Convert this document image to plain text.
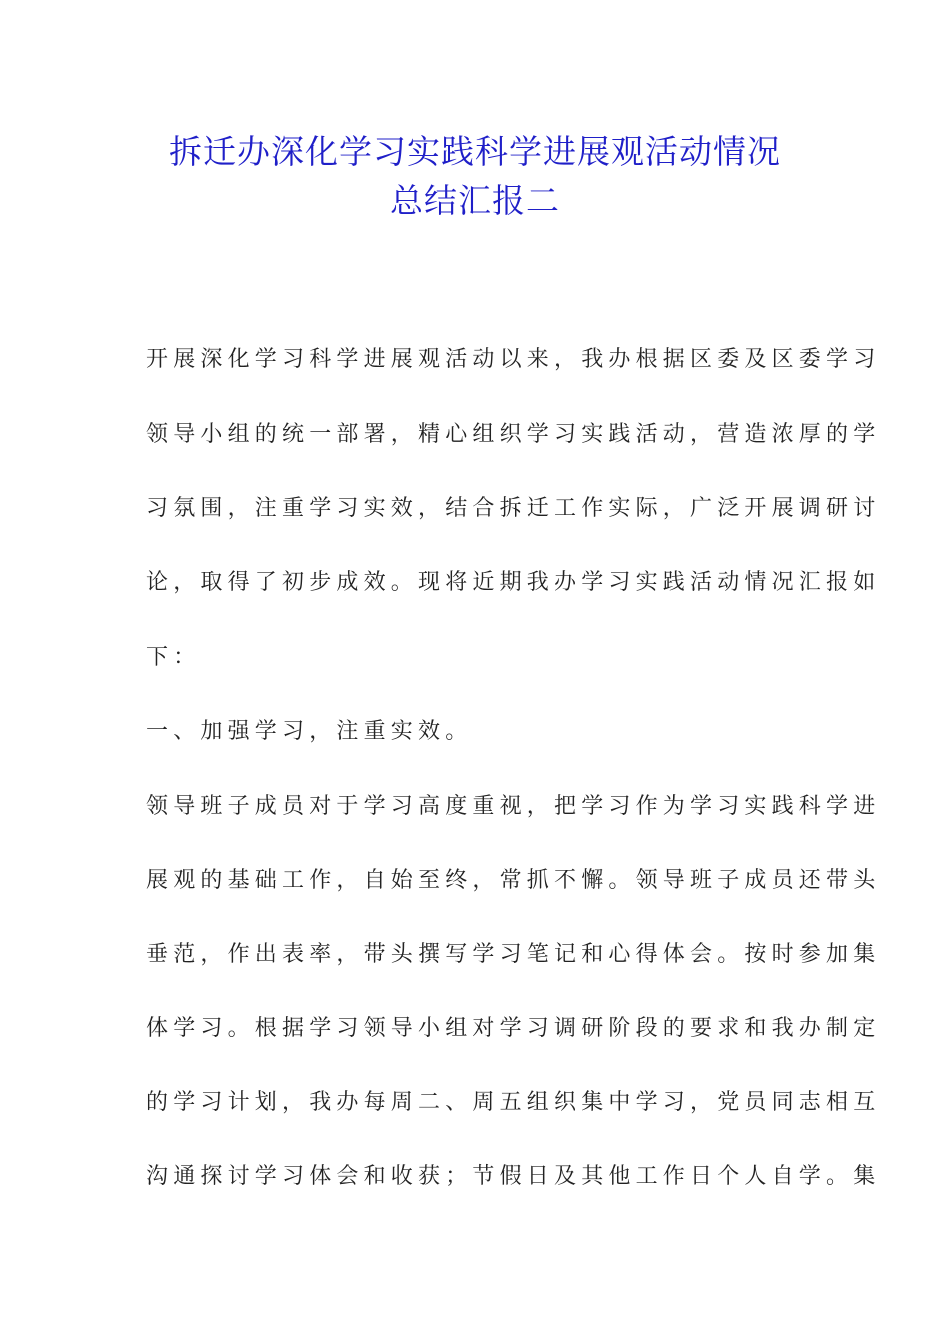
拆迁办深化学习实践科学进展观活动情况
总结汇报二

开展深化学习科学进展观活动以来，我办根据区委及区委学习

领导小组的统一部署，精心组织学习实践活动，营造浓厚的学

习氛围，注重学习实效，结合拆迁工作实际，广泛开展调研讨

论，取得了初步成效。现将近期我办学习实践活动情况汇报如

下：

一、加强学习，注重实效。

领导班子成员对于学习高度重视，把学习作为学习实践科学进

展观的基础工作，自始至终，常抓不懈。领导班子成员还带头

垂范，作出表率，带头撰写学习笔记和心得体会。按时参加集

体学习。根据学习领导小组对学习调研阶段的要求和我办制定

的学习计划，我办每周二、周五组织集中学习，党员同志相互

沟通探讨学习体会和收获；节假日及其他工作日个人自学。集
